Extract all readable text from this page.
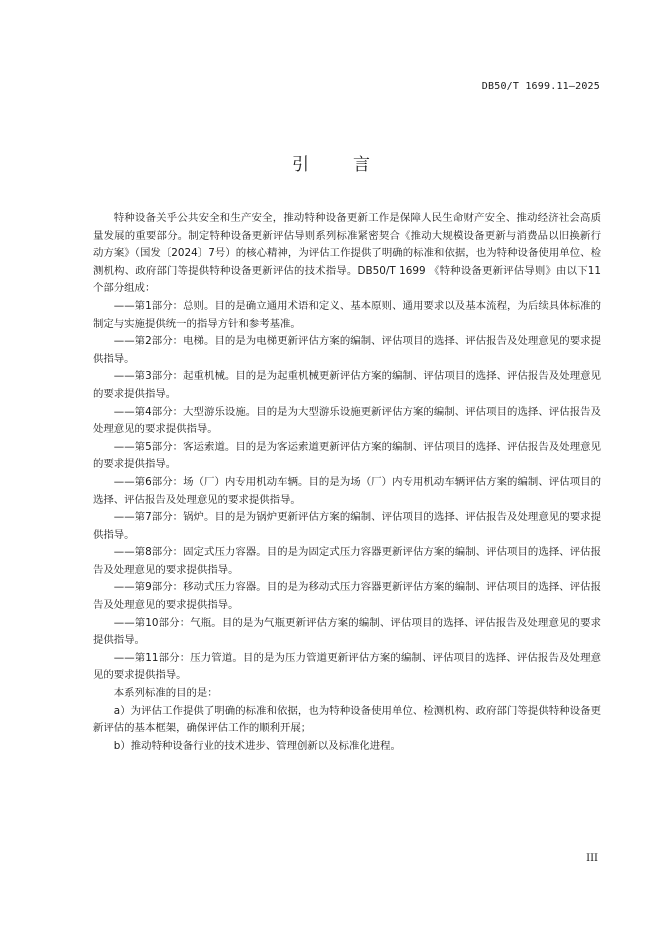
DB50/T 1699.11—2025
引言

特种设备关乎公共安全和生产安全，推动特种设备更新工作是保障人民生命财产安全、推动经济社会高质量发展的重要部分。制定特种设备更新评估导则系列标准紧密契合《推动大规模设备更新与消费品以旧换新行动方案》（国发〔2024〕7号）的核心精神，为评估工作提供了明确的标准和依据，也为特种设备使用单位、检测机构、政府部门等提供特种设备更新评估的技术指导。DB50/T 1699 《特种设备更新评估导则》由以下11个部分组成：

——第1部分：总则。目的是确立通用术语和定义、基本原则、通用要求以及基本流程，为后续具体标准的制定与实施提供统一的指导方针和参考基准。

——第2部分：电梯。目的是为电梯更新评估方案的编制、评估项目的选择、评估报告及处理意见的要求提供指导。

——第3部分：起重机械。目的是为起重机械更新评估方案的编制、评估项目的选择、评估报告及处理意见的要求提供指导。

——第4部分：大型游乐设施。目的是为大型游乐设施更新评估方案的编制、评估项目的选择、评估报告及处理意见的要求提供指导。

——第5部分：客运索道。目的是为客运索道更新评估方案的编制、评估项目的选择、评估报告及处理意见的要求提供指导。

——第6部分：场（厂）内专用机动车辆。目的是为场（厂）内专用机动车辆评估方案的编制、评估项目的选择、评估报告及处理意见的要求提供指导。

——第7部分：锅炉。目的是为锅炉更新评估方案的编制、评估项目的选择、评估报告及处理意见的要求提供指导。

——第8部分：固定式压力容器。目的是为固定式压力容器更新评估方案的编制、评估项目的选择、评估报告及处理意见的要求提供指导。

——第9部分：移动式压力容器。目的是为移动式压力容器更新评估方案的编制、评估项目的选择、评估报告及处理意见的要求提供指导。

——第10部分：气瓶。目的是为气瓶更新评估方案的编制、评估项目的选择、评估报告及处理意见的要求提供指导。

——第11部分：压力管道。目的是为压力管道更新评估方案的编制、评估项目的选择、评估报告及处理意见的要求提供指导。

本系列标准的目的是：

a）为评估工作提供了明确的标准和依据，也为特种设备使用单位、检测机构、政府部门等提供特种设备更新评估的基本框架，确保评估工作的顺利开展；

b）推动特种设备行业的技术进步、管理创新以及标准化进程。

III
